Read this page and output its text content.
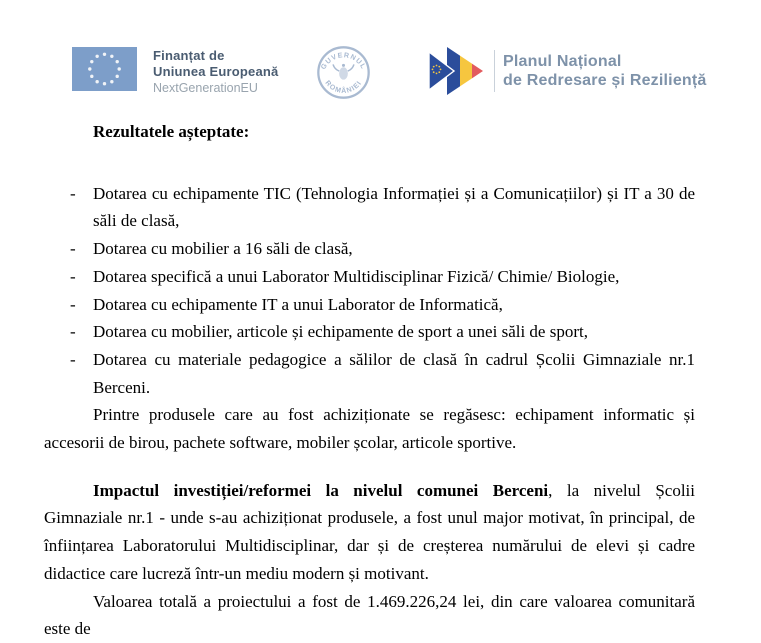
Finanțat de
Uniunea Europeană
NextGenerationEU
GUVERNUL
ROMÂNIEI
Planul Național
de Redresare și Reziliență

Rezultatele așteptate:

- Dotarea cu echipamente TIC (Tehnologia Informației și a Comunicațiilor) și IT a 30 de săli de clasă,
- Dotarea cu mobilier a 16 săli de clasă,
- Dotarea specifică a unui Laborator Multidisciplinar Fizică/ Chimie/ Biologie,
- Dotarea cu echipamente IT a unui Laborator de Informatică,
- Dotarea cu mobilier, articole și echipamente de sport a unei săli de sport,
- Dotarea cu materiale pedagogice a sălilor de clasă în cadrul Școlii Gimnaziale nr.1 Berceni.

Printre produsele care au fost achiziționate se regăsesc: echipament informatic și accesorii de birou, pachete software, mobiler școlar, articole sportive.

Impactul investiției/reformei la nivelul comunei Berceni, la nivelul Școlii Gimnaziale nr.1 - unde s-au achiziționat produsele, a fost unul major motivat, în principal, de înființarea Laboratorului Multidisciplinar, dar și de creșterea numărului de elevi și cadre didactice care lucreză într-un mediu modern și motivant.

Valoarea totală a proiectului a fost de 1.469.226,24 lei, din care valoarea comunitară este de
